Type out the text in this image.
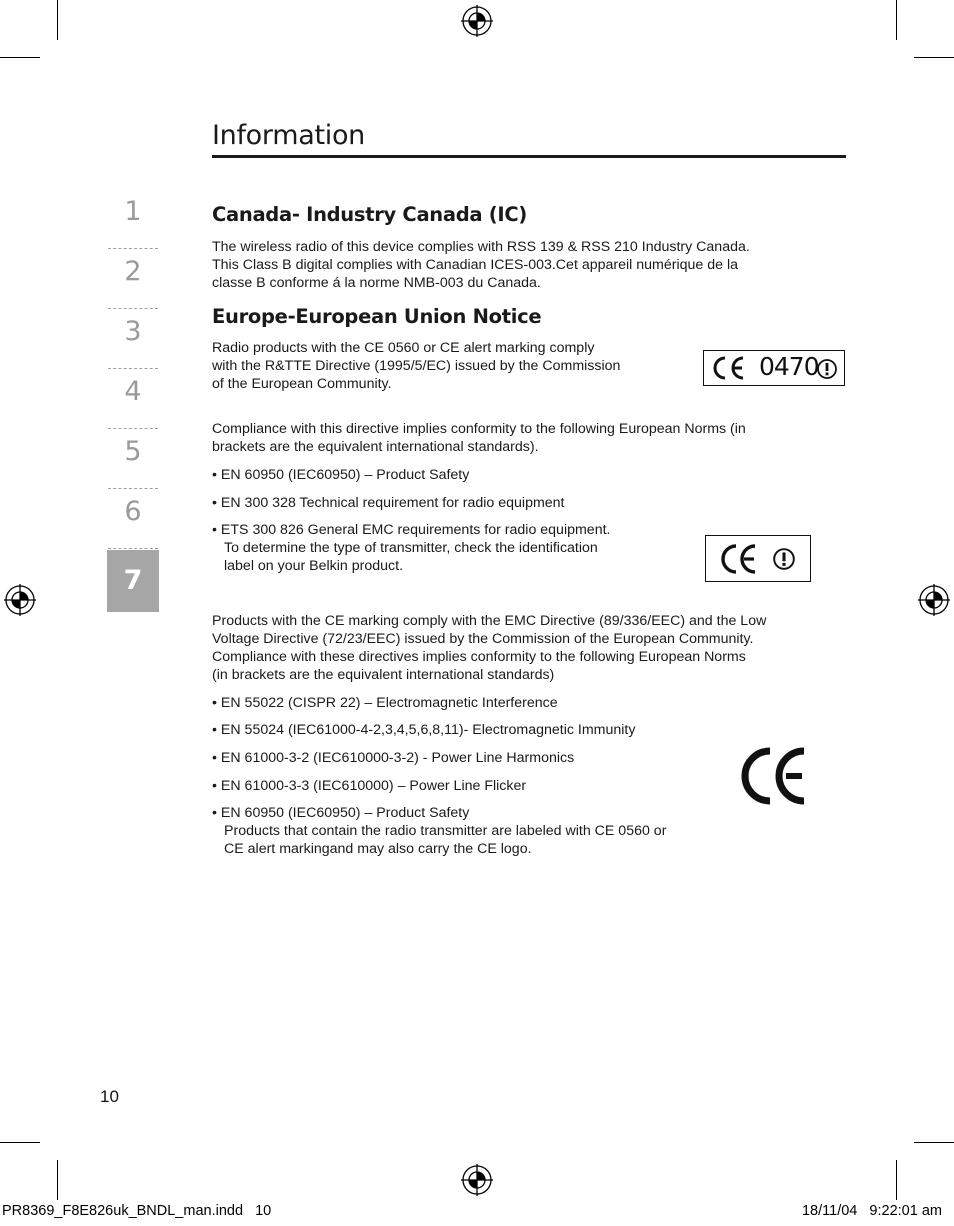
Information
1
2
3
4
5
6
7
Canada- Industry Canada (IC)
The wireless radio of this device complies with RSS 139 & RSS 210 Industry Canada.
This Class B digital complies with Canadian ICES-003.Cet appareil numérique de la
classe B conforme á la norme NMB-003 du Canada.
Europe-European Union Notice
Radio products with the CE 0560 or CE alert marking comply
with the R&TTE Directive (1995/5/EC) issued by the Commission
of the European Community.
0470
Compliance with this directive implies conformity to the following European Norms (in
brackets are the equivalent international standards).
• EN 60950 (IEC60950) – Product Safety
• EN 300 328 Technical requirement for radio equipment
• ETS 300 826 General EMC requirements for radio equipment.
To determine the type of transmitter, check the identification
label on your Belkin product.
Products with the CE marking comply with the EMC Directive (89/336/EEC) and the Low
Voltage Directive (72/23/EEC) issued by the Commission of the European Community.
Compliance with these directives implies conformity to the following European Norms
(in brackets are the equivalent international standards)
• EN 55022 (CISPR 22) – Electromagnetic Interference
• EN 55024 (IEC61000-4-2,3,4,5,6,8,11)- Electromagnetic Immunity
• EN 61000-3-2 (IEC610000-3-2) - Power Line Harmonics
• EN 61000-3-3 (IEC610000) – Power Line Flicker
• EN 60950 (IEC60950) – Product Safety
Products that contain the radio transmitter are labeled with CE 0560 or
CE alert markingand may also carry the CE logo.
10
PR8369_F8E826uk_BNDL_man.indd   10	18/11/04   9:22:01 am
